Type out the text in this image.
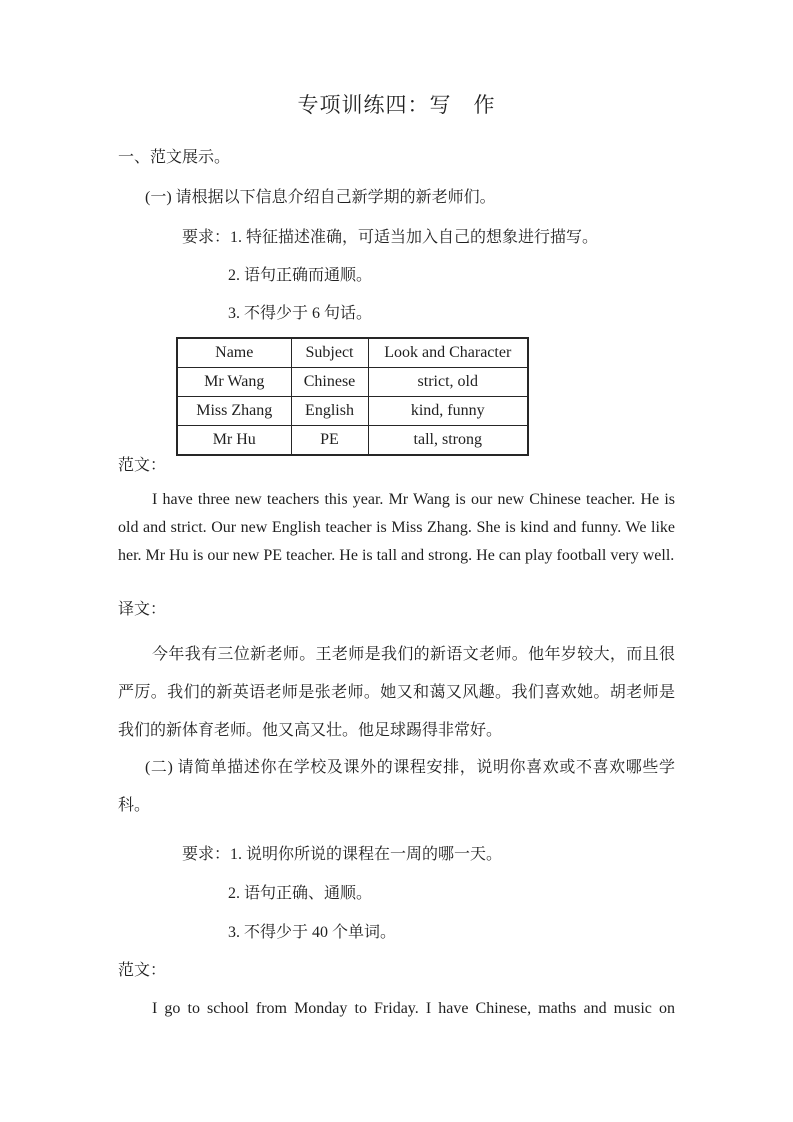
专项训练四：写　作
一、范文展示。
(一) 请根据以下信息介绍自己新学期的新老师们。
要求：1. 特征描述准确，可适当加入自己的想象进行描写。
2. 语句正确而通顺。
3. 不得少于 6 句话。
Name	Subject	Look and Character
Mr Wang	Chinese	strict, old
Miss Zhang	English	kind, funny
Mr Hu	PE	tall, strong
范文：
I have three new teachers this year. Mr Wang is our new Chinese teacher. He is old and strict. Our new English teacher is Miss Zhang. She is kind and funny. We like her. Mr Hu is our new PE teacher. He is tall and strong. He can play football very well.
译文：
今年我有三位新老师。王老师是我们的新语文老师。他年岁较大，而且很严厉。我们的新英语老师是张老师。她又和蔼又风趣。我们喜欢她。胡老师是我们的新体育老师。他又高又壮。他足球踢得非常好。
(二) 请简单描述你在学校及课外的课程安排，说明你喜欢或不喜欢哪些学科。
要求：1. 说明你所说的课程在一周的哪一天。
2. 语句正确、通顺。
3. 不得少于 40 个单词。
范文：
I go to school from Monday to Friday. I have Chinese, maths and music on
